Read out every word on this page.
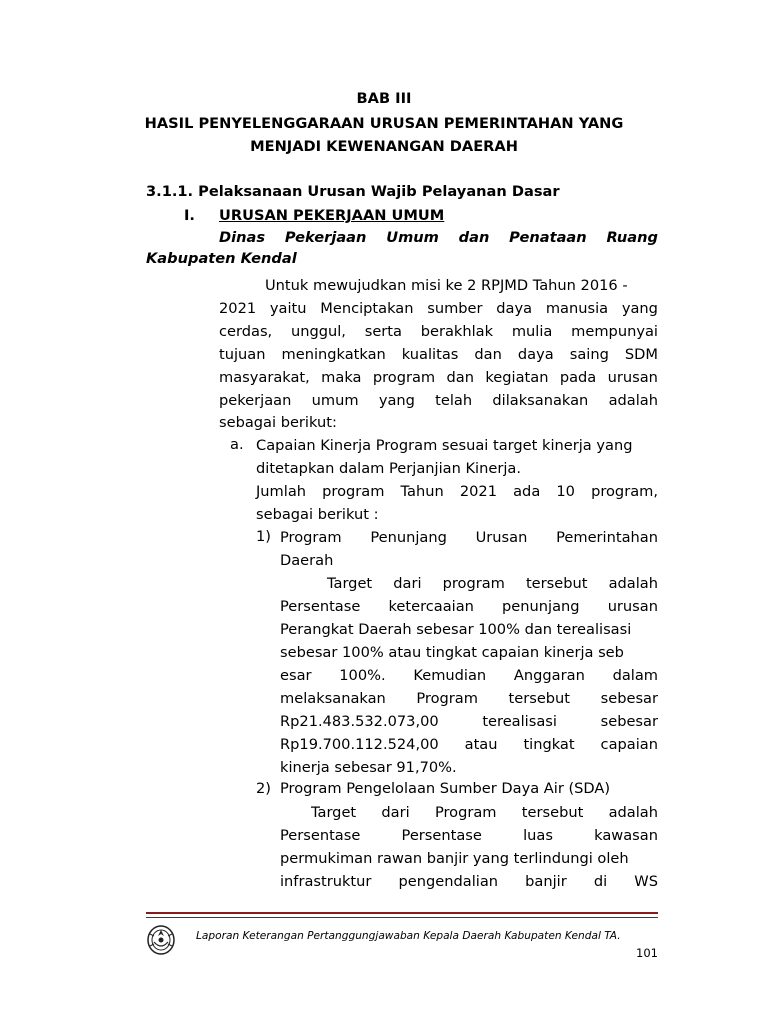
BAB III
HASIL PENYELENGGARAAN URUSAN PEMERINTAHAN YANG
MENJADI KEWENANGAN DAERAH
3.1.1. Pelaksanaan Urusan Wajib Pelayanan Dasar
I. URUSAN PEKERJAAN UMUM
Dinas Pekerjaan Umum dan Penataan Ruang
Kabupaten Kendal
Untuk mewujudkan misi ke 2 RPJMD Tahun 2016 -
2021 yaitu Menciptakan sumber daya manusia yang
cerdas, unggul, serta berakhlak mulia mempunyai
tujuan meningkatkan kualitas dan daya saing SDM
masyarakat, maka program dan kegiatan pada urusan
pekerjaan umum yang telah dilaksanakan adalah
sebagai berikut:
a. Capaian Kinerja Program sesuai target kinerja yang
ditetapkan dalam Perjanjian Kinerja.
Jumlah program Tahun 2021 ada 10 program,
sebagai berikut :
1) Program Penunjang Urusan Pemerintahan
Daerah
Target dari program tersebut adalah
Persentase ketercaaian penunjang urusan
Perangkat Daerah sebesar 100% dan terealisasi
sebesar 100% atau tingkat capaian kinerja seb
esar 100%. Kemudian Anggaran dalam
melaksanakan Program tersebut sebesar
Rp21.483.532.073,00	terealisasi	sebesar
Rp19.700.112.524,00 atau tingkat capaian
kinerja sebesar 91,70%.
2) Program Pengelolaan Sumber Daya Air (SDA)
Target dari Program tersebut adalah
Persentase	Persentase	luas	kawasan
permukiman rawan banjir yang terlindungi oleh
infrastruktur pengendalian banjir di WS
Laporan Keterangan Pertanggungjawaban Kepala Daerah Kabupaten Kendal TA.
101
